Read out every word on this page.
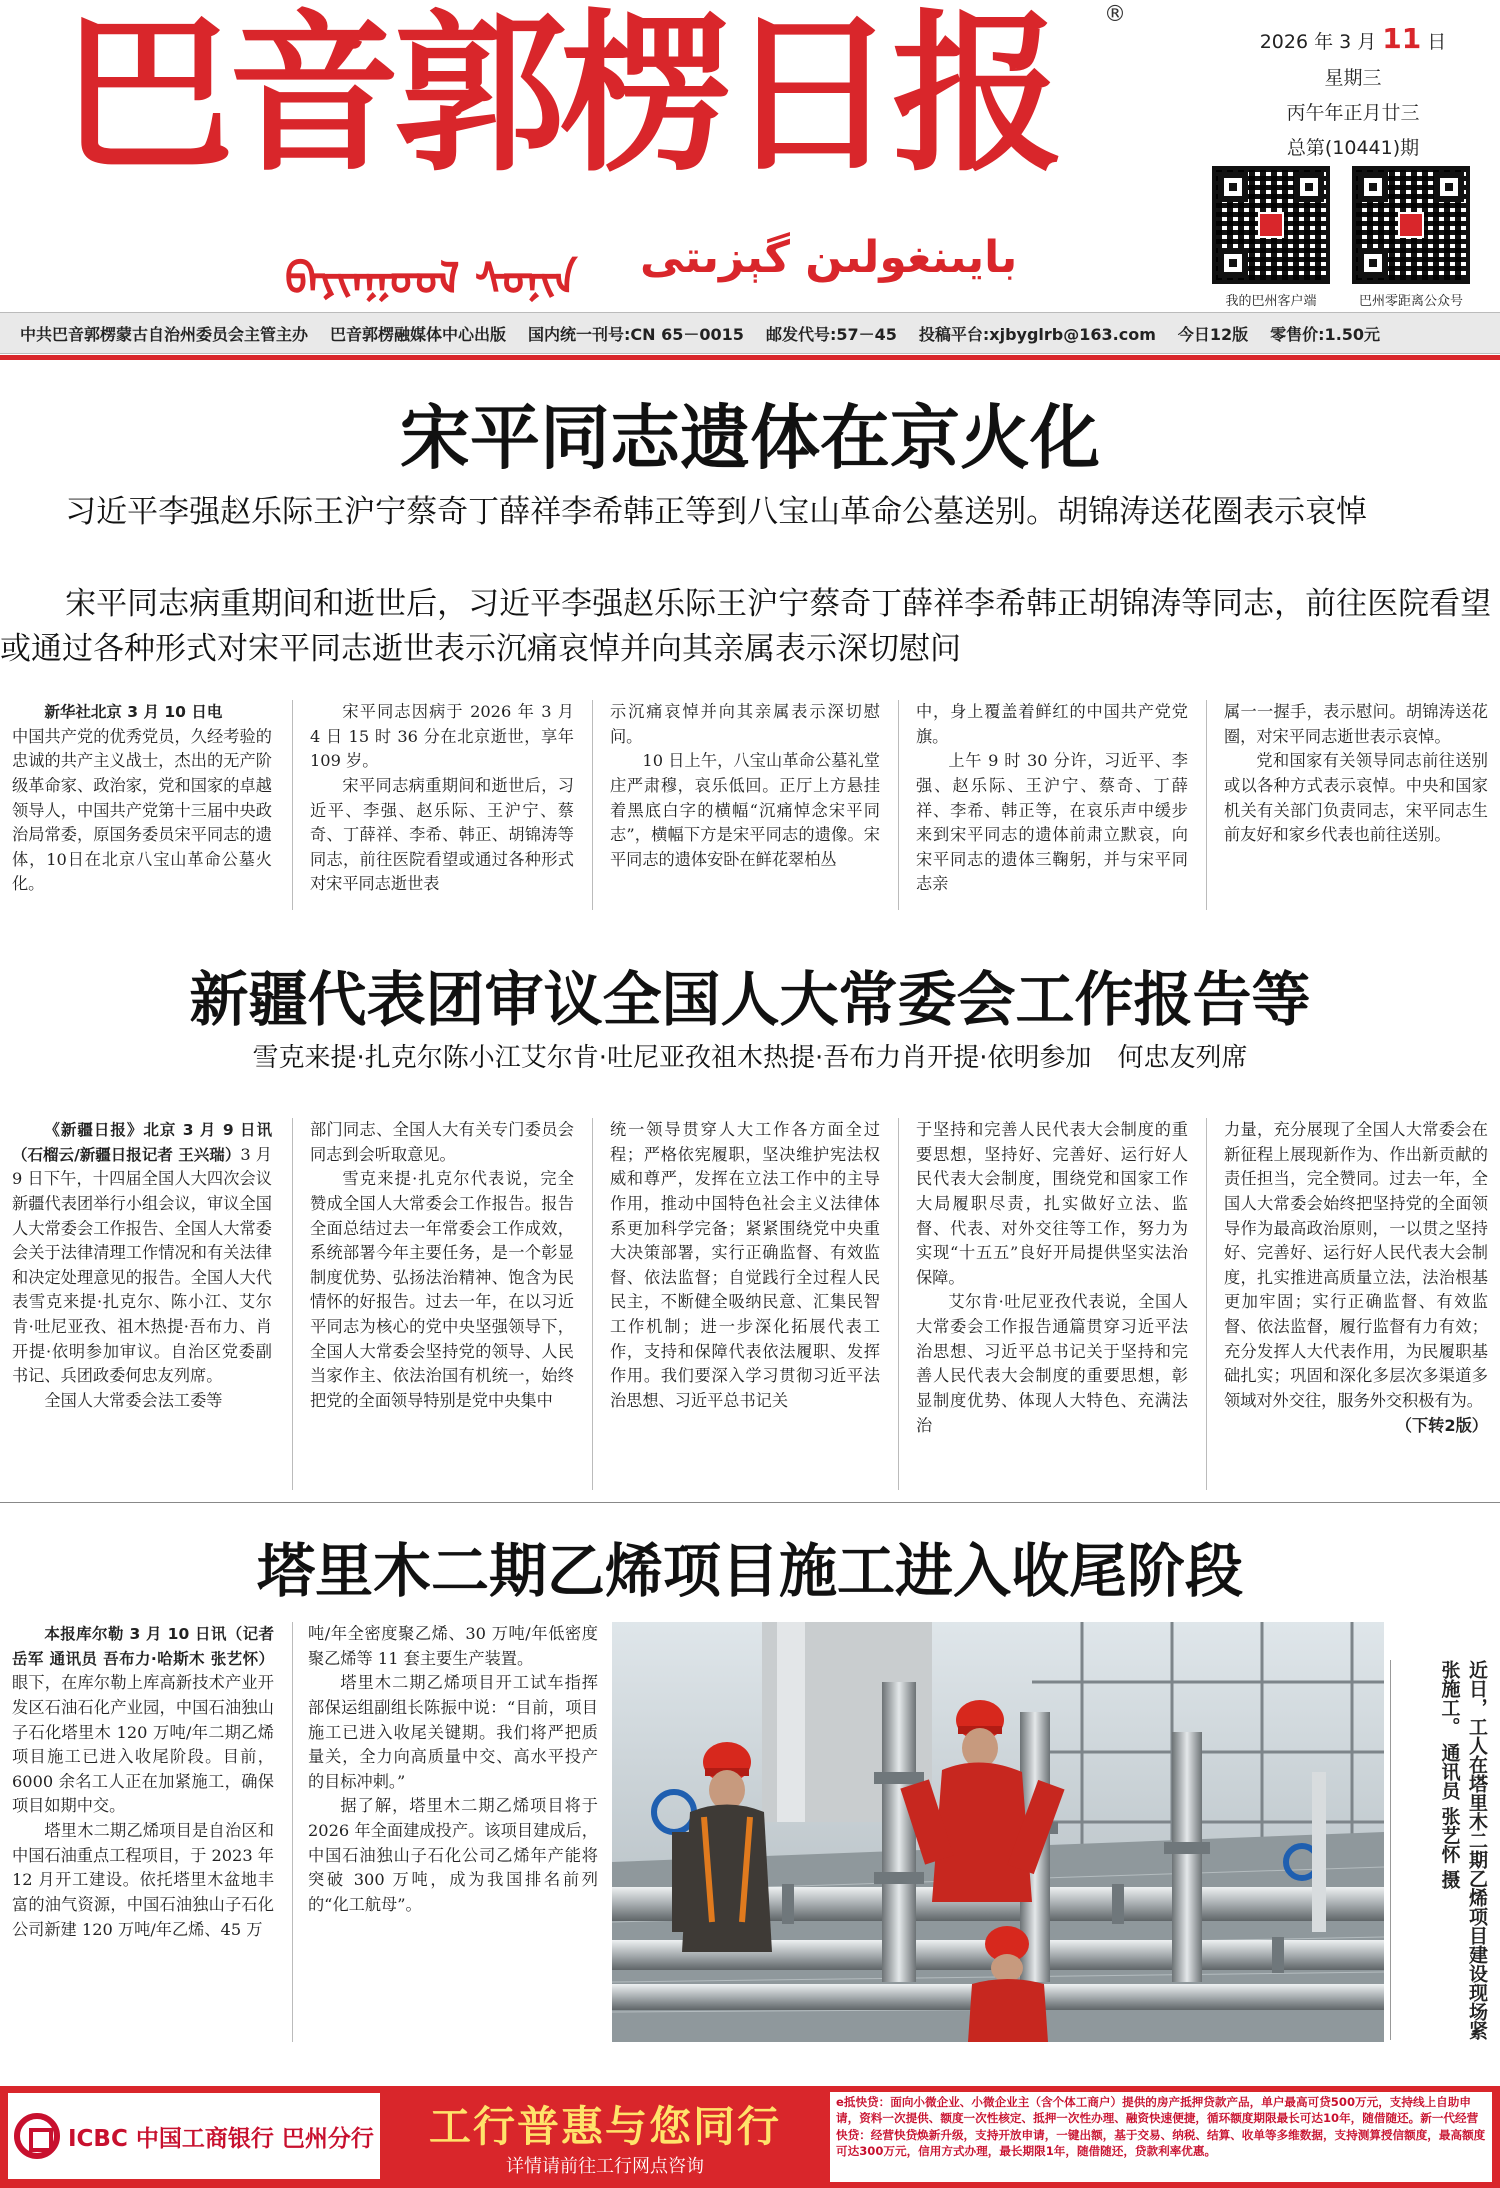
巴音郭楞日报 ®
ᠪᠠᠶᠢᠨᠭᠣᠣᠯ ᠰᠣᠨᠢᠨ بايىنغولىن گېزىتى
2026 年 3 月 11 日
星期三
丙午年正月廿三
总第(10441)期
我的巴州客户端	巴州零距离公众号
中共巴音郭楞蒙古自治州委员会主管主办 巴音郭楞融媒体中心出版 国内统一刊号:CN 65－0015 邮发代号:57－45 投稿平台:xjbyglrb@163.com 今日12版 零售价:1.50元
宋平同志遗体在京火化
习近平李强赵乐际王沪宁蔡奇丁薛祥李希韩正等到八宝山革命公墓送别。胡锦涛送花圈表示哀悼
宋平同志病重期间和逝世后，习近平李强赵乐际王沪宁蔡奇丁薛祥李希韩正胡锦涛等同志，前往医院看望或通过各种形式对宋平同志逝世表示沉痛哀悼并向其亲属表示深切慰问

新华社北京 3 月 10 日电

中国共产党的优秀党员，久经考验的忠诚的共产主义战士，杰出的无产阶级革命家、政治家，党和国家的卓越领导人，中国共产党第十三届中央政治局常委，原国务委员宋平同志的遗体，10日在北京八宝山革命公墓火化。

宋平同志因病于 2026 年 3 月 4 日 15 时 36 分在北京逝世，享年 109 岁。

宋平同志病重期间和逝世后，习近平、李强、赵乐际、王沪宁、蔡奇、丁薛祥、李希、韩正、胡锦涛等同志，前往医院看望或通过各种形式对宋平同志逝世表

示沉痛哀悼并向其亲属表示深切慰问。

10 日上午，八宝山革命公墓礼堂庄严肃穆，哀乐低回。正厅上方悬挂着黑底白字的横幅“沉痛悼念宋平同志”，横幅下方是宋平同志的遗像。宋平同志的遗体安卧在鲜花翠柏丛

中，身上覆盖着鲜红的中国共产党党旗。

上午 9 时 30 分许，习近平、李强、赵乐际、王沪宁、蔡奇、丁薛祥、李希、韩正等，在哀乐声中缓步来到宋平同志的遗体前肃立默哀，向宋平同志的遗体三鞠躬，并与宋平同志亲

属一一握手，表示慰问。胡锦涛送花圈，对宋平同志逝世表示哀悼。

党和国家有关领导同志前往送别或以各种方式表示哀悼。中央和国家机关有关部门负责同志，宋平同志生前友好和家乡代表也前往送别。

新疆代表团审议全国人大常委会工作报告等
雪克来提·扎克尔陈小江艾尔肯·吐尼亚孜祖木热提·吾布力肖开提·依明参加　何忠友列席

《新疆日报》北京 3 月 9 日讯（石榴云/新疆日报记者 王兴瑞）3 月 9 日下午，十四届全国人大四次会议新疆代表团举行小组会议，审议全国人大常委会工作报告、全国人大常委会关于法律清理工作情况和有关法律和决定处理意见的报告。全国人大代表雪克来提·扎克尔、陈小江、艾尔肯·吐尼亚孜、祖木热提·吾布力、肖开提·依明参加审议。自治区党委副书记、兵团政委何忠友列席。

全国人大常委会法工委等

部门同志、全国人大有关专门委员会同志到会听取意见。

雪克来提·扎克尔代表说，完全赞成全国人大常委会工作报告。报告全面总结过去一年常委会工作成效，系统部署今年主要任务，是一个彰显制度优势、弘扬法治精神、饱含为民情怀的好报告。过去一年，在以习近平同志为核心的党中央坚强领导下，全国人大常委会坚持党的领导、人民当家作主、依法治国有机统一，始终把党的全面领导特别是党中央集中

统一领导贯穿人大工作各方面全过程；严格依宪履职，坚决维护宪法权威和尊严，发挥在立法工作中的主导作用，推动中国特色社会主义法律体系更加科学完备；紧紧围绕党中央重大决策部署，实行正确监督、有效监督、依法监督；自觉践行全过程人民民主，不断健全吸纳民意、汇集民智工作机制；进一步深化拓展代表工作，支持和保障代表依法履职、发挥作用。我们要深入学习贯彻习近平法治思想、习近平总书记关

于坚持和完善人民代表大会制度的重要思想，坚持好、完善好、运行好人民代表大会制度，围绕党和国家工作大局履职尽责，扎实做好立法、监督、代表、对外交往等工作，努力为实现“十五五”良好开局提供坚实法治保障。

艾尔肯·吐尼亚孜代表说，全国人大常委会工作报告通篇贯穿习近平法治思想、习近平总书记关于坚持和完善人民代表大会制度的重要思想，彰显制度优势、体现人大特色、充满法治

力量，充分展现了全国人大常委会在新征程上展现新作为、作出新贡献的责任担当，完全赞同。过去一年，全国人大常委会始终把坚持党的全面领导作为最高政治原则，一以贯之坚持好、完善好、运行好人民代表大会制度，扎实推进高质量立法，法治根基更加牢固；实行正确监督、有效监督、依法监督，履行监督有力有效；充分发挥人大代表作用，为民履职基础扎实；巩固和深化多层次多渠道多领域对外交往，服务外交积极有为。

（下转2版）

塔里木二期乙烯项目施工进入收尾阶段

本报库尔勒 3 月 10 日讯（记者 岳军 通讯员 吾布力·哈斯木 张艺怀）眼下，在库尔勒上库高新技术产业开发区石油石化产业园，中国石油独山子石化塔里木 120 万吨/年二期乙烯项目施工已进入收尾阶段。目前，6000 余名工人正在加紧施工，确保项目如期中交。

塔里木二期乙烯项目是自治区和中国石油重点工程项目，于 2023 年 12 月开工建设。依托塔里木盆地丰富的油气资源，中国石油独山子石化公司新建 120 万吨/年乙烯、45 万

吨/年全密度聚乙烯、30 万吨/年低密度聚乙烯等 11 套主要生产装置。

塔里木二期乙烯项目开工试车指挥部保运组副组长陈振中说：“目前，项目施工已进入收尾关键期。我们将严把质量关，全力向高质量中交、高水平投产的目标冲刺。”

据了解，塔里木二期乙烯项目将于 2026 年全面建成投产。该项目建成后，中国石油独山子石化公司乙烯年产能将突破 300 万吨，成为我国排名前列的“化工航母”。	近日，工人在塔里木二期乙烯项目建设现场紧张施工。 通讯员 张艺怀 摄
ICBC 中国工商银行 巴州分行	工行普惠与您同行
详情请前往工行网点咨询
e抵快贷：面向小微企业、小微企业主（含个体工商户）提供的房产抵押贷款产品，单户最高可贷500万元，支持线上自助申请，资料一次提供、额度一次性核定、抵押一次性办理、融资快速便捷，循环额度期限最长可达10年，随借随还。新一代经营快贷：经营快贷焕新升级，支持开放申请，一键出额，基于交易、纳税、结算、收单等多维数据，支持测算授信额度，最高额度可达300万元，信用方式办理，最长期限1年，随借随还，贷款利率优惠。
